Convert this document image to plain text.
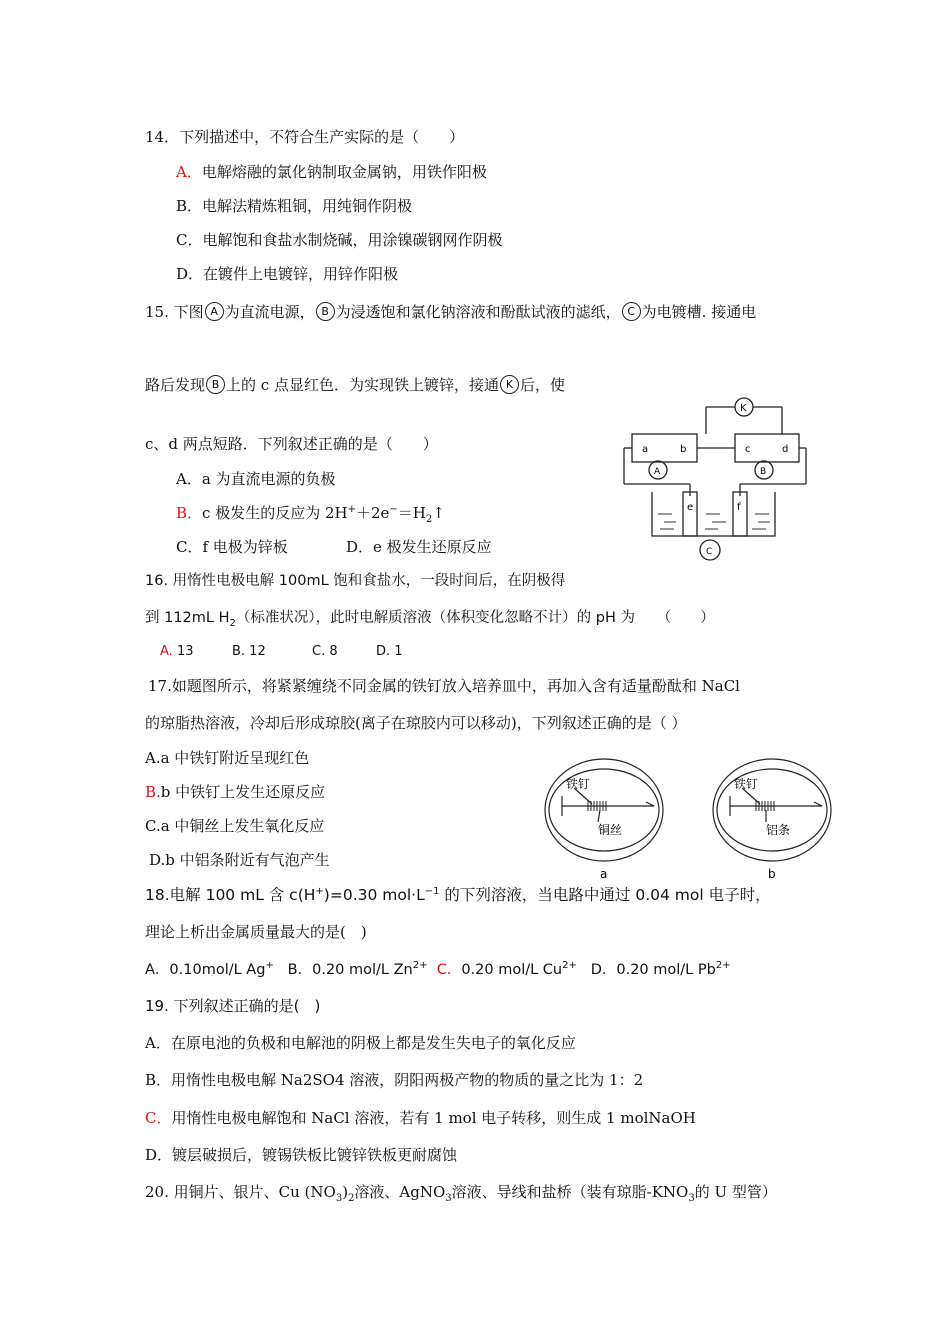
14．下列描述中，不符合生产实际的是（　　）
A．电解熔融的氯化钠制取金属钠，用铁作阳极
B．电解法精炼粗铜，用纯铜作阴极
C．电解饱和食盐水制烧碱，用涂镍碳钢网作阴极
D．在镀件上电镀锌，用锌作阳极
15. 下图 A 为直流电源， B 为浸透饱和氯化钠溶液和酚酞试液的滤纸， C 为电镀槽. 接通电
路后发现 B 上的 c 点显红色．为实现铁上镀锌，接通 K 后，使
c、d 两点短路．下列叙述正确的是（　　）
A．a 为直流电源的负极
B．c 极发生的反应为 $2H^++2e^-=H_2↑$
C．f 电极为锌板	D．e 极发生还原反应
K
a	b	c	d
A	B
e	f
C
16. 用惰性电极电解 100mL 饱和食盐水，一段时间后，在阴极得
到 112mL $H_2$（标准状况），此时电解质溶液（体积变化忽略不计）的 pH 为　　（　　）
A. 13	B. 12	C. 8	D. 1
17.如题图所示，将紧紧缠绕不同金属的铁钉放入培养皿中，再加入含有适量酚酞和 NaCl
的琼脂热溶液，冷却后形成琼胶(离子在琼胶内可以移动)，下列叙述正确的是（ ）
A.a 中铁钉附近呈现红色
B.b 中铁钉上发生还原反应
C.a 中铜丝上发生氧化反应
D.b 中铝条附近有气泡产生
铁钉
铜丝
a
铁钉
铝条
b
18.电解 100 mL 含 c(H+)=0.30 $mol\cdot L^{-1}$ 的下列溶液，当电路中通过 0.04 mol 电子时，
理论上析出金属质量最大的是(　)
A．0.10mol/L Ag+ B．0.20 mol/L $Zn^{2+}$ C．0.20 mol/L $Cu^{2+}$ D．0.20 mol/L $Pb^{2+}$
19. 下列叙述正确的是(　)
A．在原电池的负极和电解池的阴极上都是发生失电子的氧化反应
B．用惰性电极电解 Na2SO4 溶液，阴阳两极产物的物质的量之比为 1：2
C．用惰性电极电解饱和 NaCl 溶液，若有 1 mol 电子转移，则生成 1 molNaOH
D．镀层破损后，镀锡铁板比镀锌铁板更耐腐蚀
20. 用铜片、银片、Cu $(NO_3)_2$溶液、AgNO$_3$溶液、导线和盐桥（装有琼脂$-KNO_3$的 U 型管）
